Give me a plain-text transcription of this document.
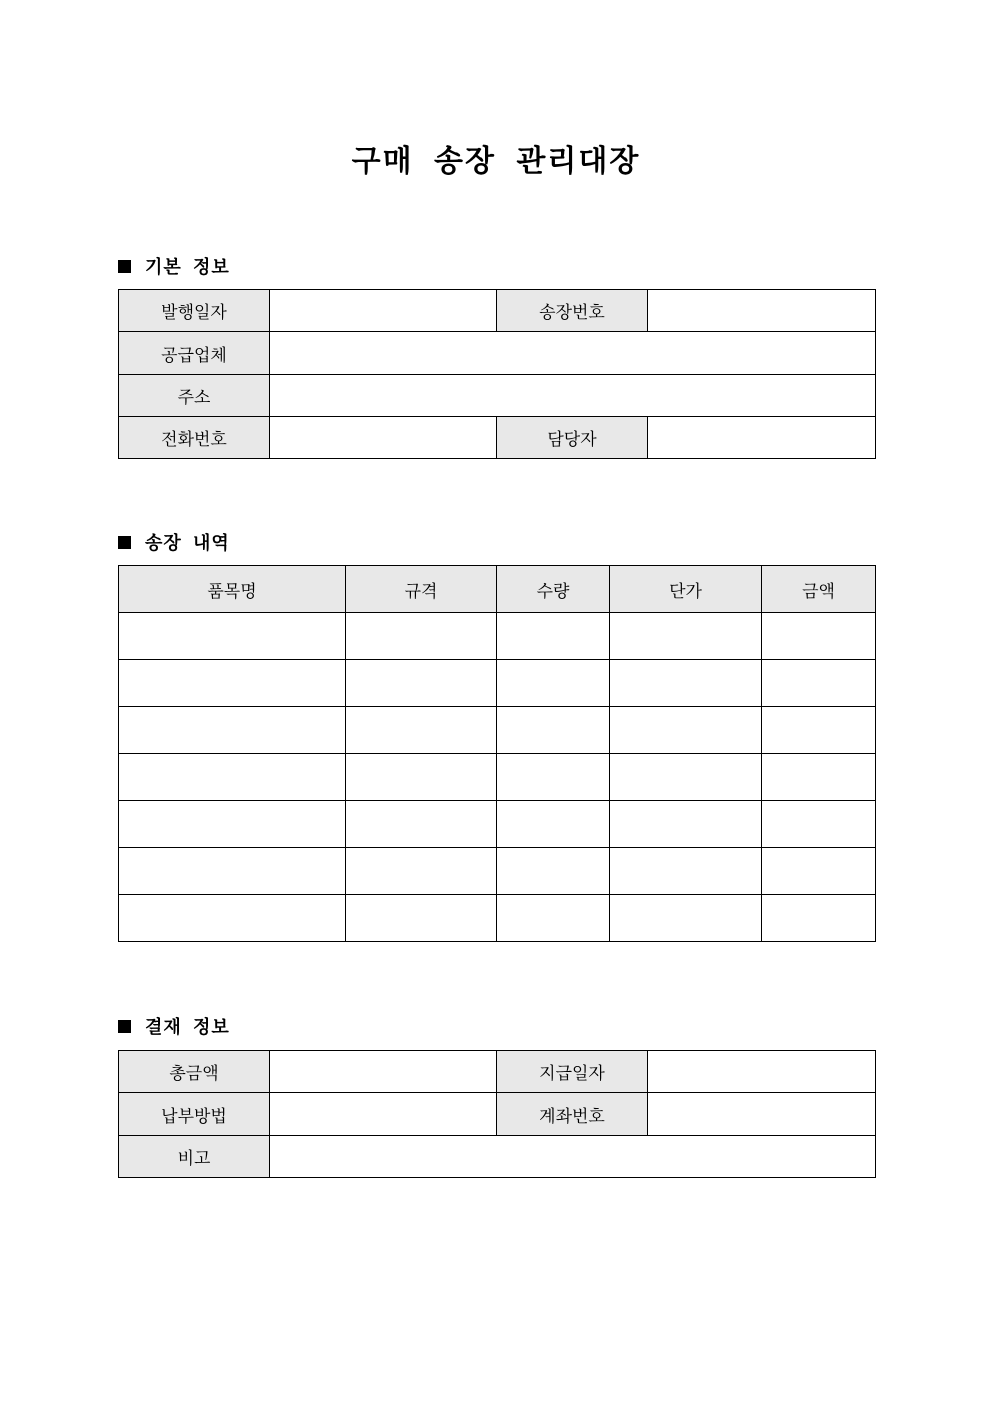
구매 송장 관리대장
기본 정보
발행일자		송장번호	
공급업체			
주소			
전화번호		담당자	
송장 내역
품목명	규격	수량	단가	금액

결재 정보
총금액		지급일자	
납부방법		계좌번호	
비고			
